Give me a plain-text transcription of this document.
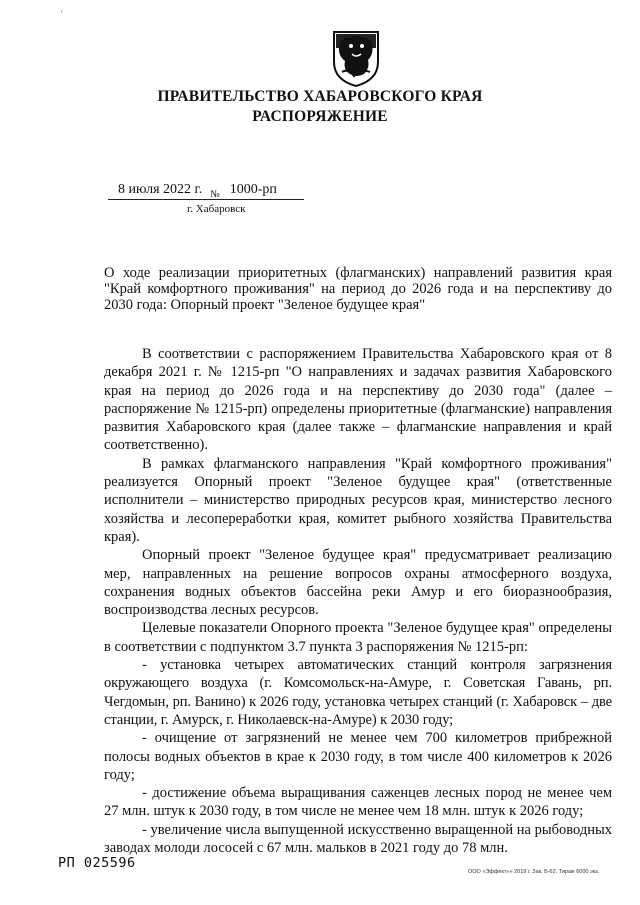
ʿ
ПРАВИТЕЛЬСТВО ХАБАРОВСКОГО КРАЯ
РАСПОРЯЖЕНИЕ
8 июля 2022 г. $_№$ 1000-рп
г. Хабаровск
О ходе реализации приоритетных (флагманских) направлений развития края "Край комфортного проживания" на период до 2026 года и на перспективу до 2030 года: Опорный проект "Зеленое будущее края"

В соответствии с распоряжением Правительства Хабаровского края от 8 декабря 2021 г. № 1215-рп "О направлениях и задачах развития Хабаровского края на период до 2026 года и на перспективу до 2030 года" (далее – распоряжение № 1215-рп) определены приоритетные (флагманские) направления развития Хабаровского края (далее также – флагманские направления и край соответственно).

В рамках флагманского направления "Край комфортного проживания" реализуется Опорный проект "Зеленое будущее края" (ответственные исполнители – министерство природных ресурсов края, министерство лесного хозяйства и лесопереработки края, комитет рыбного хозяйства Правительства края).

Опорный проект "Зеленое будущее края" предусматривает реализацию мер, направленных на решение вопросов охраны атмосферного воздуха, сохранения водных объектов бассейна реки Амур и его биоразнообразия, воспроизводства лесных ресурсов.

Целевые показатели Опорного проекта "Зеленое будущее края" определены в соответствии с подпунктом 3.7 пункта 3 распоряжения № 1215-рп:

- установка четырех автоматических станций контроля загрязнения окружающего воздуха (г. Комсомольск-на-Амуре, г. Советская Гавань, рп. Чегдомын, рп. Ванино) к 2026 году, установка четырех станций (г. Хабаровск – две станции, г. Амурск, г. Николаевск-на-Амуре) к 2030 году;

- очищение от загрязнений не менее чем 700 километров прибрежной полосы водных объектов в крае к 2030 году, в том числе 400 километров к 2026 году;

- достижение объема выращивания саженцев лесных пород не менее чем 27 млн. штук к 2030 году, в том числе не менее чем 18 млн. штук к 2026 году;

- увеличение числа выпущенной искусственно выращенной на рыбоводных заводах молоди лососей с 67 млн. мальков в 2021 году до 78 млн.

РП 025596
ООО «Эффект»» 2019 г. Зак. Б-62. Тираж 6000 экз.
